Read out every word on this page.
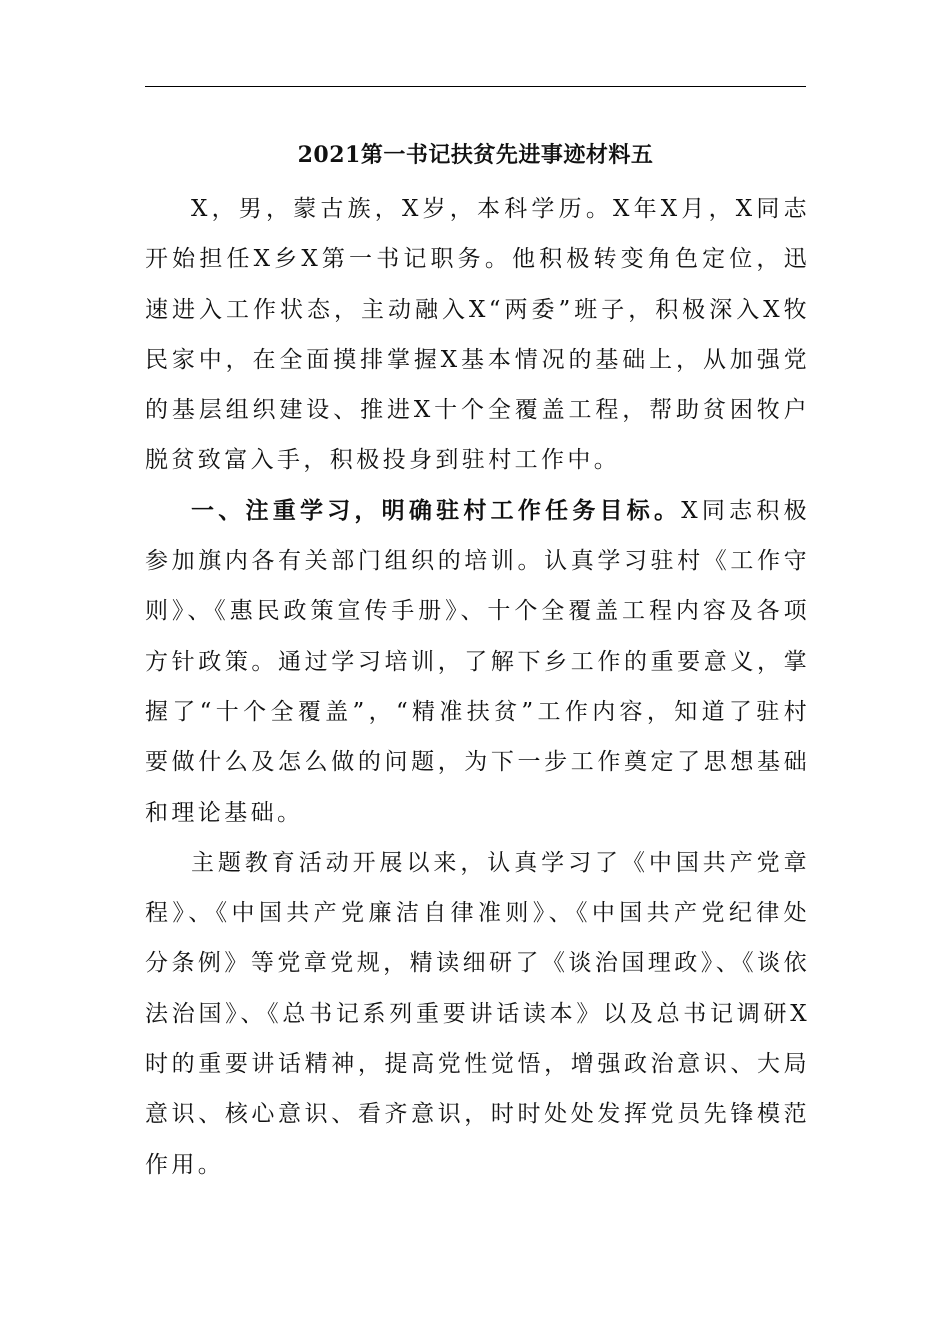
2021第一书记扶贫先进事迹材料五

X，男，蒙古族，X岁，本科学历。X年X月，X同志开始担任X乡X第一书记职务。他积极转变角色定位，迅速进入工作状态，主动融入X“两委”班子，积极深入X牧民家中，在全面摸排掌握X基本情况的基础上，从加强党的基层组织建设、推进X十个全覆盖工程，帮助贫困牧户脱贫致富入手，积极投身到驻村工作中。

一、注重学习，明确驻村工作任务目标。X同志积极参加旗内各有关部门组织的培训。认真学习驻村《工作守则》、《惠民政策宣传手册》、十个全覆盖工程内容及各项方针政策。通过学习培训，了解下乡工作的重要意义，掌握了“十个全覆盖”，“精准扶贫”工作内容，知道了驻村要做什么及怎么做的问题，为下一步工作奠定了思想基础和理论基础。

主题教育活动开展以来，认真学习了《中国共产党章程》、《中国共产党廉洁自律准则》、《中国共产党纪律处分条例》等党章党规，精读细研了《谈治国理政》、《谈依法治国》、《总书记系列重要讲话读本》以及总书记调研X时的重要讲话精神，提高党性觉悟，增强政治意识、大局意识、核心意识、看齐意识，时时处处发挥党员先锋模范作用。
